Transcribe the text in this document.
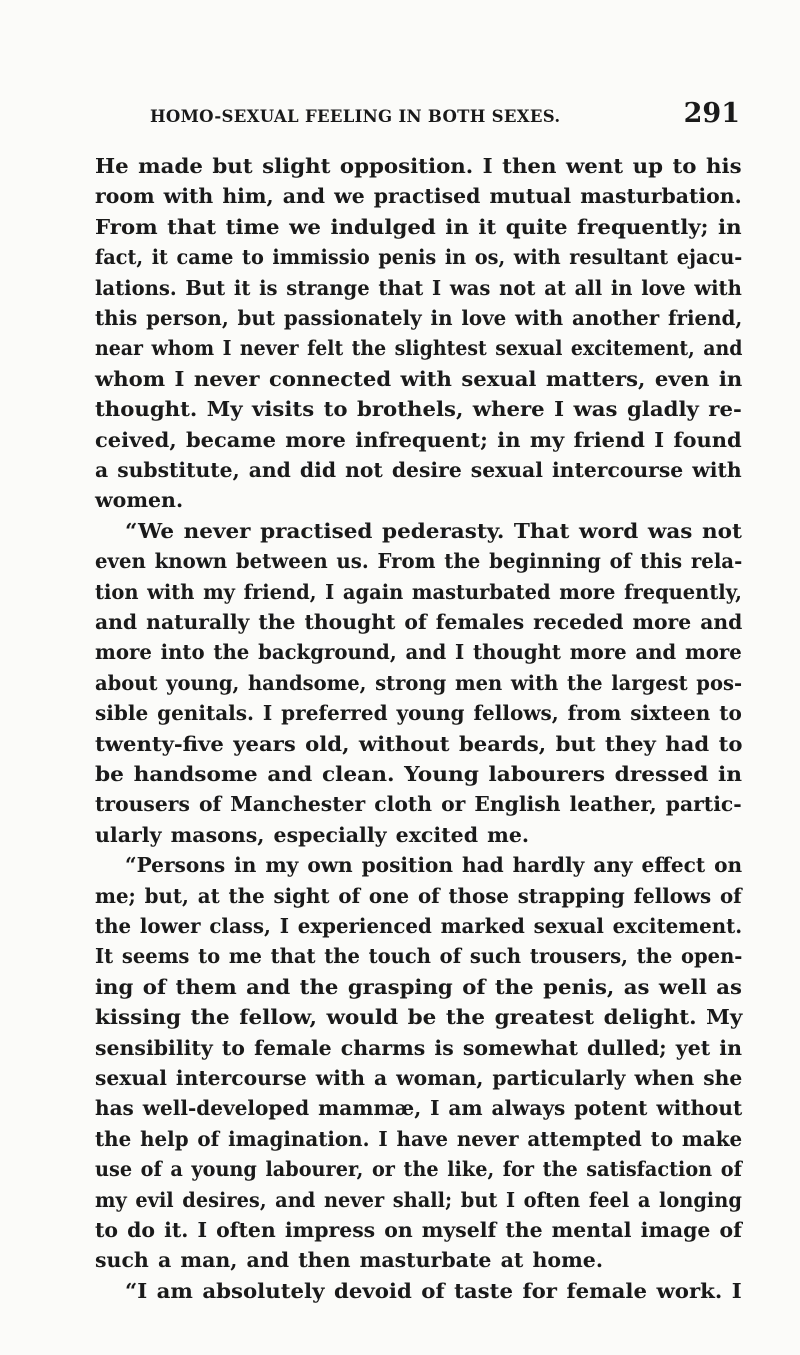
HOMO-SEXUAL FEELING IN BOTH SEXES.	291
He made but slight opposition. I then went up to his
room with him, and we practised mutual masturbation.
From that time we indulged in it quite frequently; in
fact, it came to immissio penis in os, with resultant ejacu-
lations. But it is strange that I was not at all in love with
this person, but passionately in love with another friend,
near whom I never felt the slightest sexual excitement, and
whom I never connected with sexual matters, even in
thought. My visits to brothels, where I was gladly re-
ceived, became more infrequent; in my friend I found
a substitute, and did not desire sexual intercourse with
women.
“We never practised pederasty. That word was not
even known between us. From the beginning of this rela-
tion with my friend, I again masturbated more frequently,
and naturally the thought of females receded more and
more into the background, and I thought more and more
about young, handsome, strong men with the largest pos-
sible genitals. I preferred young fellows, from sixteen to
twenty-five years old, without beards, but they had to
be handsome and clean. Young labourers dressed in
trousers of Manchester cloth or English leather, partic-
ularly masons, especially excited me.
“Persons in my own position had hardly any effect on
me; but, at the sight of one of those strapping fellows of
the lower class, I experienced marked sexual excitement.
It seems to me that the touch of such trousers, the open-
ing of them and the grasping of the penis, as well as
kissing the fellow, would be the greatest delight. My
sensibility to female charms is somewhat dulled; yet in
sexual intercourse with a woman, particularly when she
has well-developed mammæ, I am always potent without
the help of imagination. I have never attempted to make
use of a young labourer, or the like, for the satisfaction of
my evil desires, and never shall; but I often feel a longing
to do it. I often impress on myself the mental image of
such a man, and then masturbate at home.
“I am absolutely devoid of taste for female work. I
